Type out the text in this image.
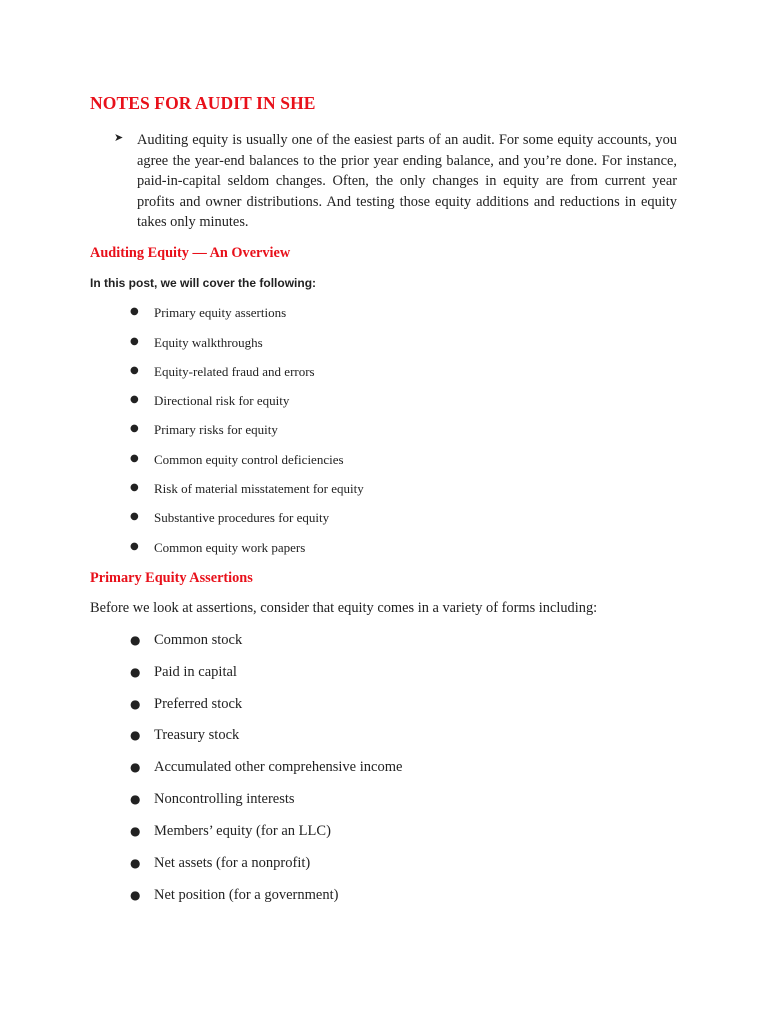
NOTES FOR AUDIT IN SHE
➤ Auditing equity is usually one of the easiest parts of an audit. For some equity accounts, you agree the year-end balances to the prior year ending balance, and you’re done. For instance, paid-in-capital seldom changes. Often, the only changes in equity are from current year profits and owner distributions. And testing those equity additions and reductions in equity takes only minutes.

Auditing Equity — An Overview

In this post, we will cover the following:

● Primary equity assertions
● Equity walkthroughs
● Equity-related fraud and errors
● Directional risk for equity
● Primary risks for equity
● Common equity control deficiencies
● Risk of material misstatement for equity
● Substantive procedures for equity
● Common equity work papers
Primary Equity Assertions

Before we look at assertions, consider that equity comes in a variety of forms including:

● Common stock
● Paid in capital
● Preferred stock
● Treasury stock
● Accumulated other comprehensive income
● Noncontrolling interests
● Members’ equity (for an LLC)
● Net assets (for a nonprofit)
● Net position (for a government)
